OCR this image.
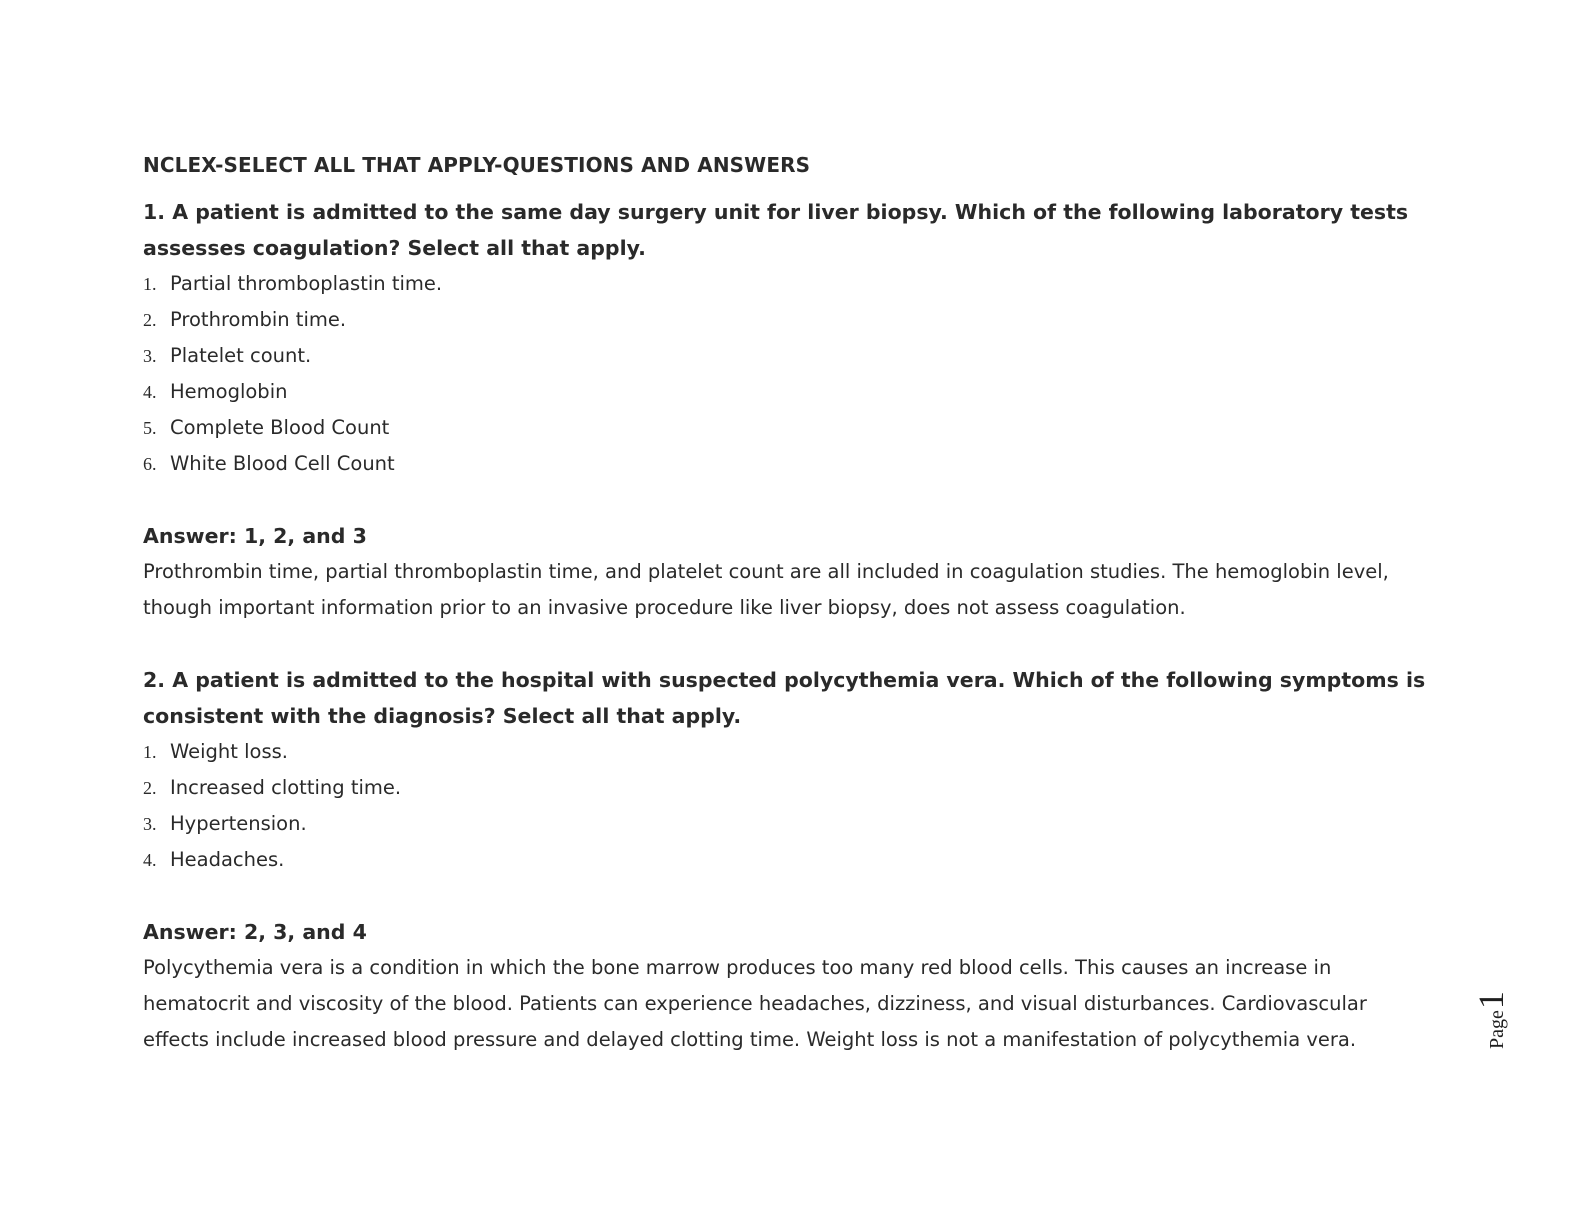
NCLEX-SELECT ALL THAT APPLY-QUESTIONS AND ANSWERS

1. A patient is admitted to the same day surgery unit for liver biopsy. Which of the following laboratory tests assesses coagulation? Select all that apply.

1. Partial thromboplastin time.
2. Prothrombin time.
3. Platelet count.
4. Hemoglobin
5. Complete Blood Count
6. White Blood Cell Count

Answer: 1, 2, and 3

Prothrombin time, partial thromboplastin time, and platelet count are all included in coagulation studies. The hemoglobin level, though important information prior to an invasive procedure like liver biopsy, does not assess coagulation.

2. A patient is admitted to the hospital with suspected polycythemia vera. Which of the following symptoms is consistent with the diagnosis? Select all that apply.

1. Weight loss.
2. Increased clotting time.
3. Hypertension.
4. Headaches.

Answer: 2, 3, and 4

Polycythemia vera is a condition in which the bone marrow produces too many red blood cells. This causes an increase in hematocrit and viscosity of the blood. Patients can experience headaches, dizziness, and visual disturbances. Cardiovascular effects include increased blood pressure and delayed clotting time. Weight loss is not a manifestation of polycythemia vera.	Page
1
